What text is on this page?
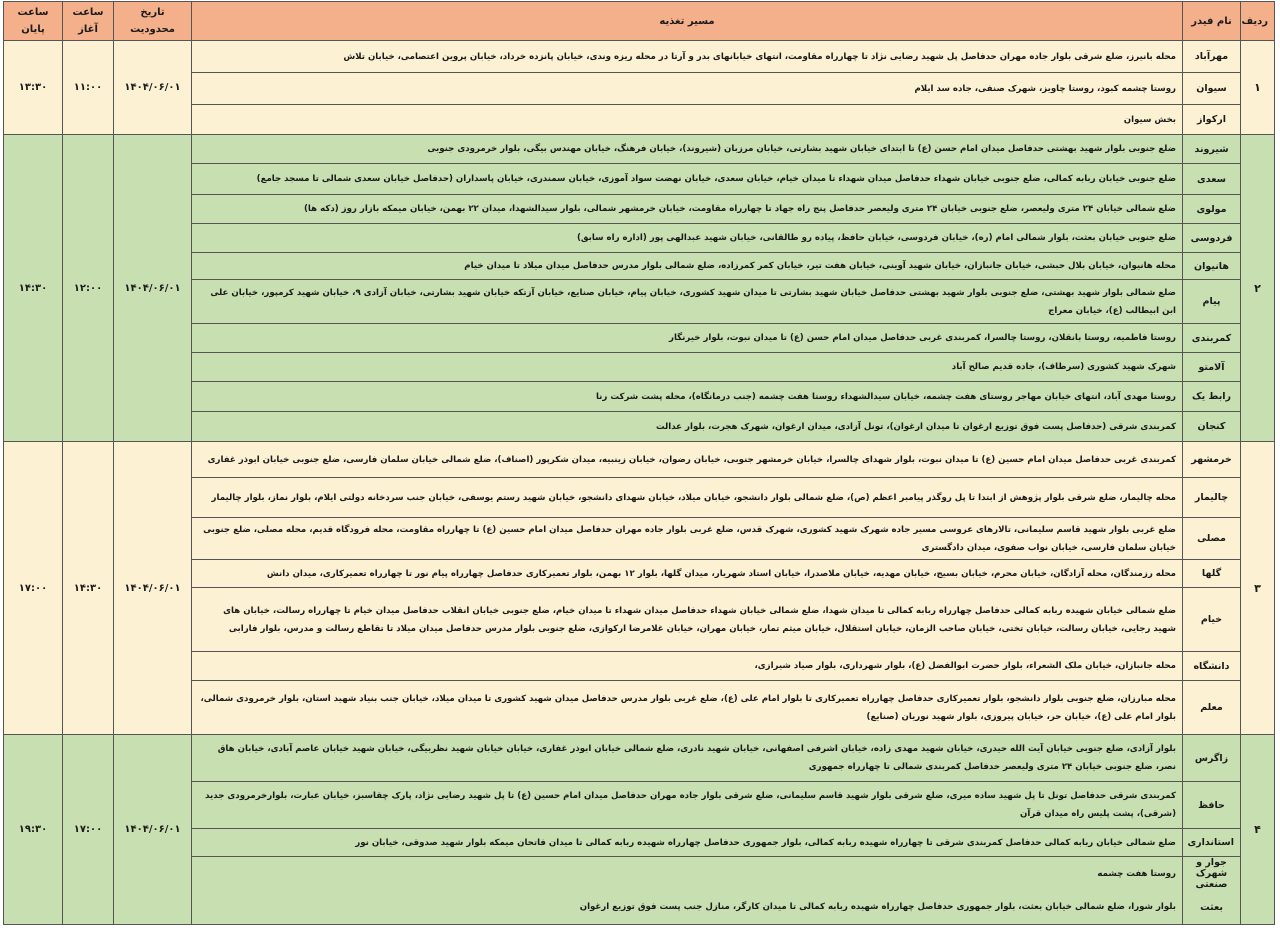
ردیف	نام فیدر	مسیر تغذیه	تاریخ محدودیت	ساعت آغاز	ساعت پایان
۱	مهرآباد	محله بانیرز، ضلع شرقی بلوار جاده مهران حدفاصل پل شهید رضایی نژاد تا چهارراه مقاومت، انتهای خیابانهای بدر و آرتا در محله ریزه وندی، خیابان پانزده خرداد، خیابان پروین اعتصامی، خیابان تلاش	۱۴۰۴/۰۶/۰۱	۱۱:۰۰	۱۳:۳۰
	سیوان	روستا چشمه کبود، روستا چاویز، شهرک صنفی، جاده سد ایلام			
	ارکواز	بخش سیوان			
۲	شیروند	ضلع جنوبی بلوار شهید بهشتی حدفاصل میدان امام حسن (ع) تا ابتدای خیابان شهید بشارتی، خیابان مرزبان (شیروند)، خیابان فرهنگ، خیابان مهندس بیگی، بلوار خرمرودی جنوبی	۱۴۰۴/۰۶/۰۱	۱۲:۰۰	۱۴:۳۰
	سعدی	ضلع جنوبی خیابان ربابه کمالی، ضلع جنوبی خیابان شهداء حدفاصل میدان شهداء تا میدان خیام، خیابان سعدی، خیابان نهضت سواد آموزی، خیابان سمندری، خیابان پاسداران (حدفاصل خیابان سعدی شمالی تا مسجد جامع)			
	مولوی	ضلع شمالی خیابان ۲۴ متری ولیعصر، ضلع جنوبی خیابان ۲۴ متری ولیعصر حدفاصل پنج راه جهاد تا چهارراه مقاومت، خیابان خرمشهر شمالی، بلوار سیدالشهدا، میدان ۲۲ بهمن، خیابان میمکه بازار روز (دکه ها)			
	فردوسی	ضلع جنوبی خیابان بعثت، بلوار شمالی امام (ره)، خیابان فردوسی، خیابان حافظ، پیاده رو طالقانی، خیابان شهید عبدالهی پور (اداره راه سابق)			
	هانیوان	محله هانیوان، خیابان بلال حبشی، خیابان جانبازان، خیابان شهید آوینی، خیابان هفت تیر، خیابان کمر کمرزاده، ضلع شمالی بلوار مدرس حدفاصل میدان میلاد تا میدان خیام			
	پیام	ضلع شمالی بلوار شهید بهشتی، ضلع جنوبی بلوار شهید بهشتی حدفاصل خیابان شهید بشارتی تا میدان شهید کشوری، خیابان پیام، خیابان صنایع، خیابان آزتکه خیابان شهید بشارتی، خیابان آزادی ۹، خیابان شهید کرمپور، خیابان علی ابن ابیطالب (ع)، خیابان معراج			
	کمربندی	روستا فاطمیه، روستا بانقلان، روستا چالسرا، کمربندی غربی حدفاصل میدان امام حسن (ع) تا میدان نبوت، بلوار خیرنگار			
	آلامتو	شهرک شهید کشوری (سرطاف)، جاده قدیم صالح آباد			
	رابط یک	روستا مهدی آباد، انتهای خیابان مهاجر روستای هفت چشمه، خیابان سیدالشهداء روستا هفت چشمه (جنب درمانگاه)، محله پشت شرکت رنا			
	کنجان	کمربندی شرقی (حدفاصل پست فوق توزیع ارغوان تا میدان ارغوان)، تونل آزادی، میدان ارغوان، شهرک هجرت، بلوار عدالت			
۳	خرمشهر	کمربندی غربی حدفاصل میدان امام حسین (ع) تا میدان نبوت، بلوار شهدای چالسرا، خیابان خرمشهر جنوبی، خیابان رضوان، خیابان زینبیه، میدان شکرپور (اصناف)، ضلع شمالی خیابان سلمان فارسی، ضلع جنوبی خیابان ابوذر غفاری	۱۴۰۴/۰۶/۰۱	۱۴:۳۰	۱۷:۰۰
	چالیمار	محله چالیمار، ضلع شرقی بلوار پژوهش از ابتدا تا پل روگذر پیامبر اعظم (ص)، ضلع شمالی بلوار دانشجو، خیابان میلاد، خیابان شهدای دانشجو، خیابان شهید رستم یوسفی، خیابان جنب سردخانه دولتی ایلام، بلوار نماز، بلوار چالیمار			
	مصلی	ضلع غربی بلوار شهید قاسم سلیمانی، تالارهای عروسی مسیر جاده شهرک شهید کشوری، شهرک قدس، ضلع غربی بلوار جاده مهران حدفاصل میدان امام حسین (ع) تا چهارراه مقاومت، محله فرودگاه قدیم، محله مصلی، ضلع جنوبی خیابان سلمان فارسی، خیابان نواب صفوی، میدان دادگستری			
	گلها	محله رزمندگان، محله آزادگان، خیابان محرم، خیابان بسیج، خیابان مهدیه، خیابان ملاصدرا، خیابان استاد شهریار، میدان گلها، بلوار ۱۲ بهمن، بلوار تعمیرکاری حدفاصل چهارراه پیام نور تا چهارراه تعمیرکاری، میدان دانش			
	خیام	ضلع شمالی خیابان شهیده ربابه کمالی حدفاصل چهارراه ربابه کمالی تا میدان شهدا، ضلع شمالی خیابان شهداء حدفاصل میدان شهداء تا میدان خیام، ضلع جنوبی خیابان انقلاب حدفاصل میدان خیام تا چهارراه رسالت، خیابان های شهید رجایی، خیابان رسالت، خیابان تختی، خیابان صاحب الزمان، خیابان استقلال، خیابان میثم تمار، خیابان مهران، خیابان غلامرضا ارکوازی، ضلع جنوبی بلوار مدرس حدفاصل میدان میلاد تا تقاطع رسالت و مدرس، بلوار فارابی			
	دانشگاه	محله جانبازان، خیابان ملک الشعراء، بلوار حضرت ابوالفضل (ع)، بلوار شهرداری، بلوار صیاد شیرازی،			
	معلم	محله مبارزان، ضلع جنوبی بلوار دانشجو، بلوار تعمیرکاری حدفاصل چهارراه تعمیرکاری تا بلوار امام علی (ع)، ضلع غربی بلوار مدرس حدفاصل میدان شهید کشوری تا میدان میلاد، خیابان جنب بنیاد شهید استان، بلوار خرمرودی شمالی، بلوار امام علی (ع)، خیابان حر، خیابان پیروزی، بلوار شهید نوریان (صنایع)			
۴	زاگرس	بلوار آزادی، ضلع جنوبی خیابان آیت الله حیدری، خیابان شهید مهدی زاده، خیابان اشرفی اصفهانی، خیابان شهید نادری، ضلع شمالی خیابان ابوذر غفاری، خیابان خیابان شهید نظربیگی، خیابان شهید خیابان عاصم آبادی، خیابان هاق نصر، ضلع جنوبی خیابان ۲۴ متری ولیعصر حدفاصل کمربندی شمالی تا چهارراه جمهوری	۱۴۰۴/۰۶/۰۱	۱۷:۰۰	۱۹:۳۰
	حافظ	کمربندی شرقی حدفاصل تونل تا پل شهید ساده میری، ضلع شرقی بلوار شهید قاسم سلیمانی، ضلع شرقی بلوار جاده مهران حدفاصل میدان امام حسین (ع) تا پل شهید رضایی نژاد، پارک چقاسبز، خیابان عبارت، بلوارخرمرودی جدید (شرقی)، پشت پلیس راه میدان قرآن			
	استانداری	ضلع شمالی خیابان ربابه کمالی حدفاصل کمربندی شرقی تا چهارراه شهیده ربابه کمالی، بلوار جمهوری حدفاصل چهارراه شهیده ربابه کمالی تا میدان فاتحان میمکه بلوار شهید صدوقی، خیابان نور			
	جوار و شهرک صنعتی	روستا هفت چشمه			
	بعثت	بلوار شورا، ضلع شمالی خیابان بعثت، بلوار جمهوری حدفاصل چهارراه شهیده ربابه کمالی تا میدان کارگر، منازل جنب پست فوق توزیع ارغوان			
